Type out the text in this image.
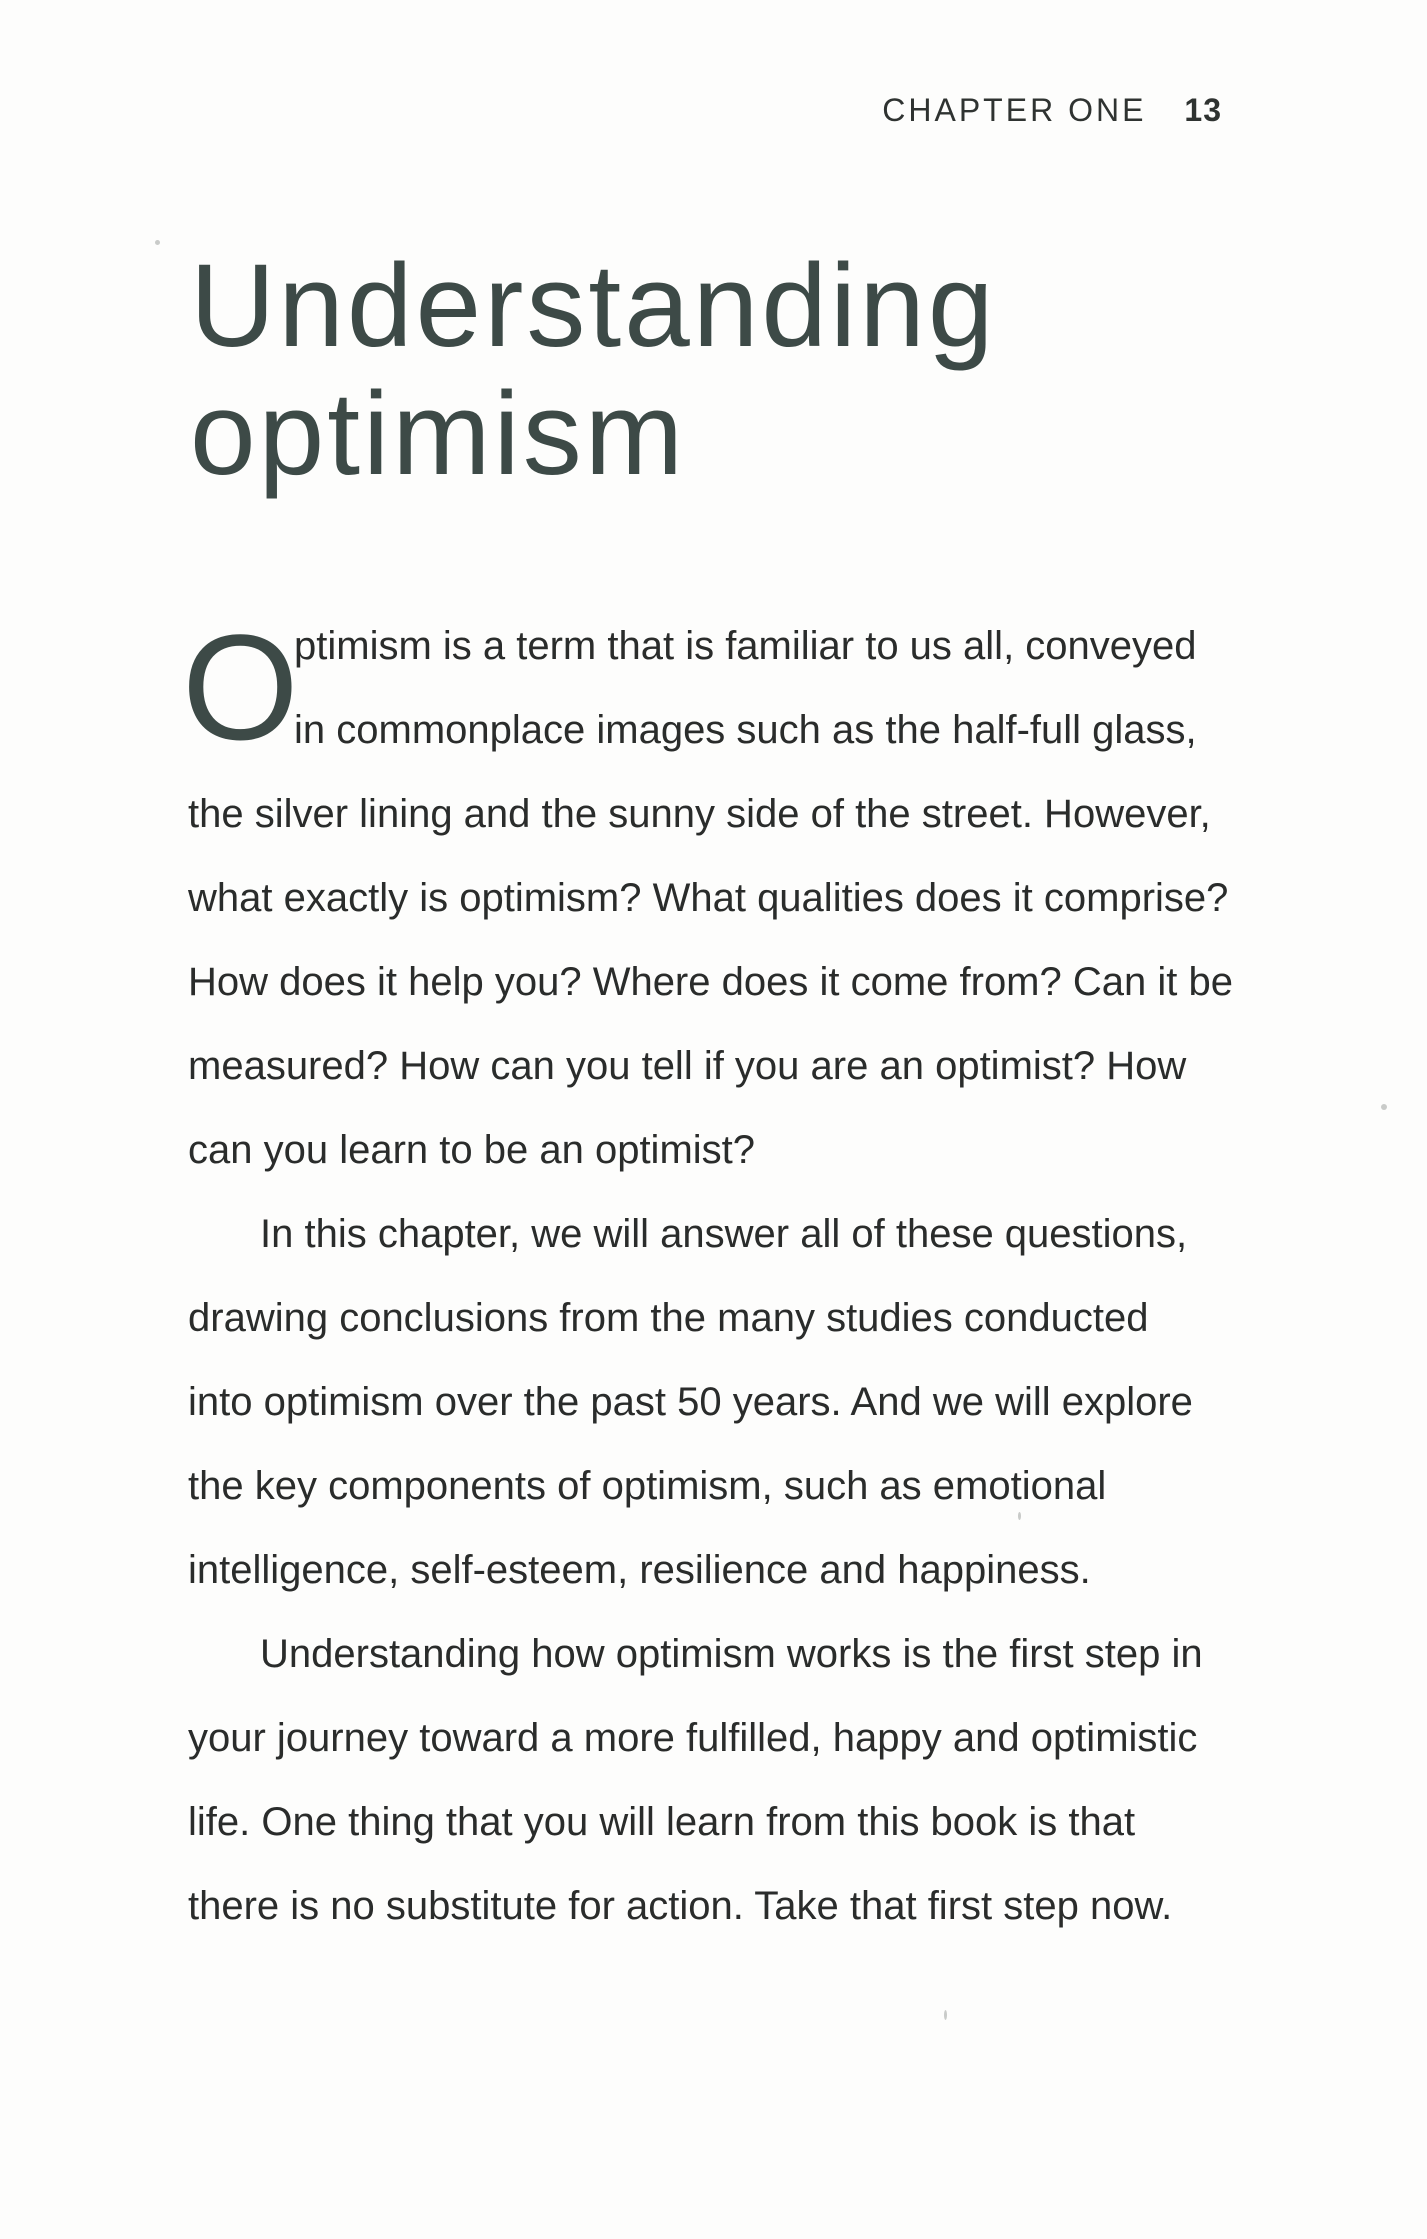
CHAPTER ONE 13
Understanding
optimism
O
ptimism is a term that is familiar to us all, conveyed
in commonplace images such as the half-full glass,
the silver lining and the sunny side of the street. However,
what exactly is optimism? What qualities does it comprise?
How does it help you? Where does it come from? Can it be
measured? How can you tell if you are an optimist? How
can you learn to be an optimist?
In this chapter, we will answer all of these questions,
drawing conclusions from the many studies conducted
into optimism over the past 50 years. And we will explore
the key components of optimism, such as emotional
intelligence, self-esteem, resilience and happiness.
Understanding how optimism works is the first step in
your journey toward a more fulfilled, happy and optimistic
life. One thing that you will learn from this book is that
there is no substitute for action. Take that first step now.
